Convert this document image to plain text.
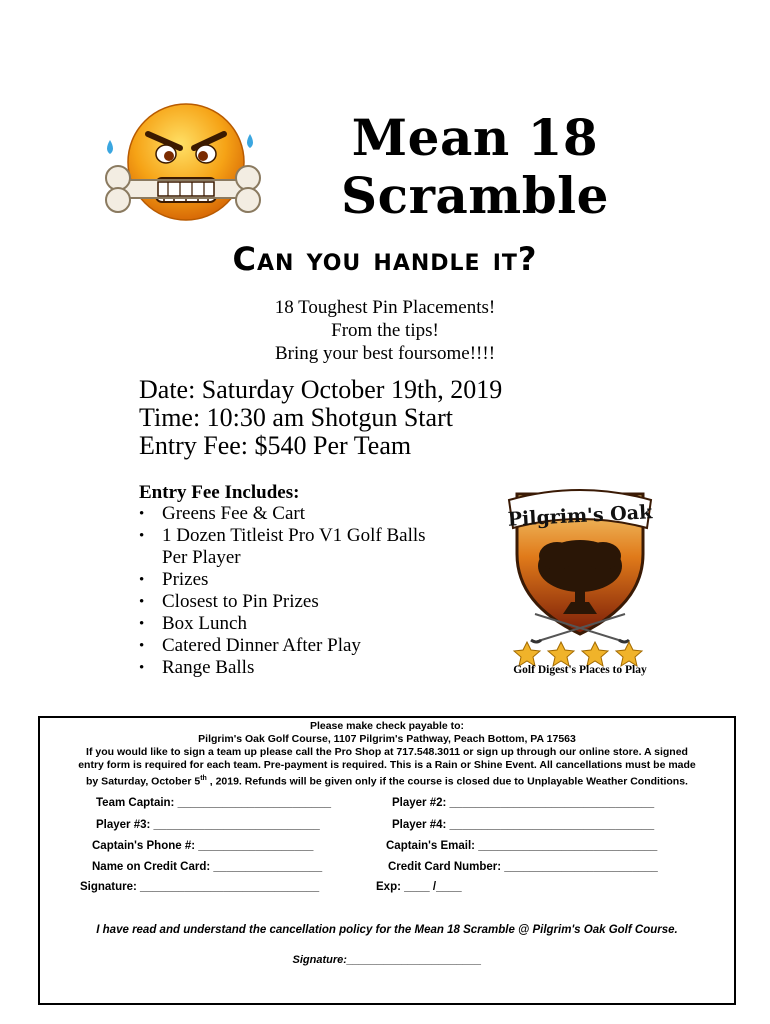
Mean 18
Scramble
Can you handle it?
18 Toughest Pin Placements!
From the tips!
Bring your best foursome!!!!
Date: Saturday October 19th, 2019
Time: 10:30 am Shotgun Start
Entry Fee: $540 Per Team
Entry Fee Includes:
• Greens Fee & Cart
• 1 Dozen Titleist Pro V1 Golf Balls Per Player
• Prizes
• Closest to Pin Prizes
• Box Lunch
• Catered Dinner After Play
• Range Balls
Pilgrim's Oak
Golf Digest's Places to Play
Please make check payable to:
Pilgrim's Oak Golf Course, 1107 Pilgrim's Pathway, Peach Bottom, PA 17563
If you would like to sign a team up please call the Pro Shop at 717.548.3011 or sign up through our online store. A signed
entry form is required for each team. Pre-payment is required. This is a Rain or Shine Event. All cancellations must be made
by Saturday, October 5th , 2019. Refunds will be given only if the course is closed due to Unplayable Weather Conditions.
Team Captain: ________________________	Player #2: ________________________________
Player #3: __________________________	Player #4: ________________________________
Captain's Phone #: __________________	Captain's Email: ____________________________
Name on Credit Card: _________________	Credit Card Number: ________________________
Signature: ____________________________	Exp: ____ /____
I have read and understand the cancellation policy for the Mean 18 Scramble @ Pilgrim's Oak Golf Course.
Signature:______________________
